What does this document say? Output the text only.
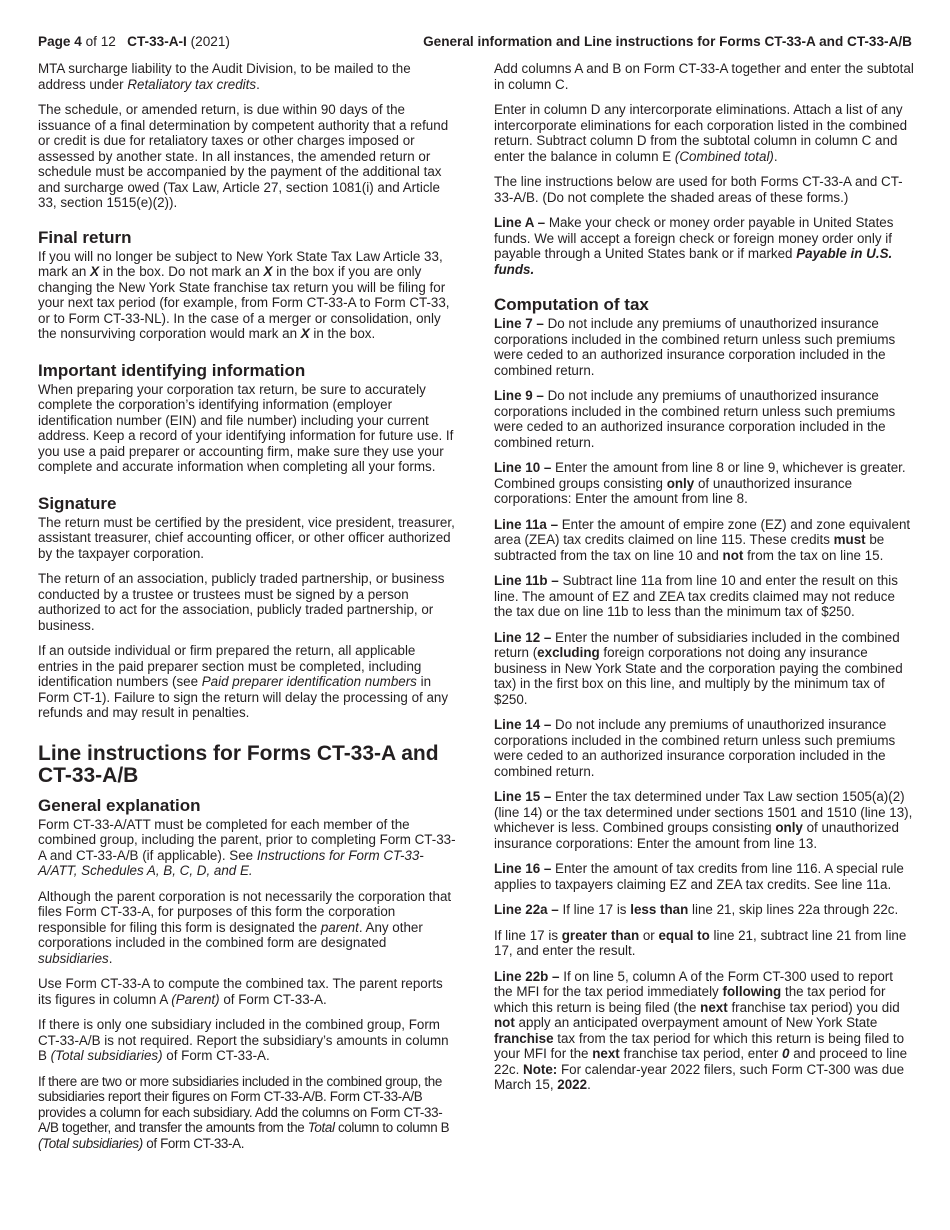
Page 4 of 12   CT-33-A-I (2021)	General information and Line instructions for Forms CT-33-A and CT-33-A/B

MTA surcharge liability to the Audit Division, to be mailed to the address under Retaliatory tax credits.

The schedule, or amended return, is due within 90 days of the issuance of a final determination by competent authority that a refund or credit is due for retaliatory taxes or other charges imposed or assessed by another state. In all instances, the amended return or schedule must be accompanied by the payment of the additional tax and surcharge owed (Tax Law, Article 27, section 1081(i) and Article 33, section 1515(e)(2)).

Final return

If you will no longer be subject to New York State Tax Law Article 33, mark an X in the box. Do not mark an X in the box if you are only changing the New York State franchise tax return you will be filing for your next tax period (for example, from Form CT-33-A to Form CT-33, or to Form CT-33-NL). In the case of a merger or consolidation, only the nonsurviving corporation would mark an X in the box.

Important identifying information

When preparing your corporation tax return, be sure to accurately complete the corporation’s identifying information (employer identification number (EIN) and file number) including your current address. Keep a record of your identifying information for future use. If you use a paid preparer or accounting firm, make sure they use your complete and accurate information when completing all your forms.

Signature

The return must be certified by the president, vice president, treasurer, assistant treasurer, chief accounting officer, or other officer authorized by the taxpayer corporation.

The return of an association, publicly traded partnership, or business conducted by a trustee or trustees must be signed by a person authorized to act for the association, publicly traded partnership, or business.

If an outside individual or firm prepared the return, all applicable entries in the paid preparer section must be completed, including identification numbers (see Paid preparer identification numbers in Form CT-1). Failure to sign the return will delay the processing of any refunds and may result in penalties.

Line instructions for Forms CT-33-A and CT-33-A/B
General explanation

Form CT-33-A/ATT must be completed for each member of the combined group, including the parent, prior to completing Form CT-33-A and CT-33-A/B (if applicable). See Instructions for Form CT-33-A/ATT, Schedules A, B, C, D, and E.

Although the parent corporation is not necessarily the corporation that files Form CT-33-A, for purposes of this form the corporation responsible for filing this form is designated the parent. Any other corporations included in the combined form are designated subsidiaries.

Use Form CT-33-A to compute the combined tax. The parent reports its figures in column A (Parent) of Form CT-33-A.

If there is only one subsidiary included in the combined group, Form CT-33-A/B is not required. Report the subsidiary’s amounts in column B (Total subsidiaries) of Form CT-33-A.

If there are two or more subsidiaries included in the combined group, the subsidiaries report their figures on Form CT-33-A/B. Form CT-33-A/B provides a column for each subsidiary. Add the columns on Form CT-33-A/B together, and transfer the amounts from the Total column to column B (Total subsidiaries) of Form CT-33-A.

Add columns A and B on Form CT-33-A together and enter the subtotal in column C.

Enter in column D any intercorporate eliminations. Attach a list of any intercorporate eliminations for each corporation listed in the combined return. Subtract column D from the subtotal column in column C and enter the balance in column E (Combined total).

The line instructions below are used for both Forms CT-33-A and CT-33-A/B. (Do not complete the shaded areas of these forms.)

Line A – Make your check or money order payable in United States funds. We will accept a foreign check or foreign money order only if payable through a United States bank or if marked Payable in U.S. funds.

Computation of tax

Line 7 – Do not include any premiums of unauthorized insurance corporations included in the combined return unless such premiums were ceded to an authorized insurance corporation included in the combined return.

Line 9 – Do not include any premiums of unauthorized insurance corporations included in the combined return unless such premiums were ceded to an authorized insurance corporation included in the combined return.

Line 10 – Enter the amount from line 8 or line 9, whichever is greater. Combined groups consisting only of unauthorized insurance corporations: Enter the amount from line 8.

Line 11a – Enter the amount of empire zone (EZ) and zone equivalent area (ZEA) tax credits claimed on line 115. These credits must be subtracted from the tax on line 10 and not from the tax on line 15.

Line 11b – Subtract line 11a from line 10 and enter the result on this line. The amount of EZ and ZEA tax credits claimed may not reduce the tax due on line 11b to less than the minimum tax of $250.

Line 12 – Enter the number of subsidiaries included in the combined return (excluding foreign corporations not doing any insurance business in New York State and the corporation paying the combined tax) in the first box on this line, and multiply by the minimum tax of $250.

Line 14 – Do not include any premiums of unauthorized insurance corporations included in the combined return unless such premiums were ceded to an authorized insurance corporation included in the combined return.

Line 15 – Enter the tax determined under Tax Law section 1505(a)(2) (line 14) or the tax determined under sections 1501 and 1510 (line 13), whichever is less. Combined groups consisting only of unauthorized insurance corporations: Enter the amount from line 13.

Line 16 – Enter the amount of tax credits from line 116. A special rule applies to taxpayers claiming EZ and ZEA tax credits. See line 11a.

Line 22a – If line 17 is less than line 21, skip lines 22a through 22c.

If line 17 is greater than or equal to line 21, subtract line 21 from line 17, and enter the result.

Line 22b – If on line 5, column A of the Form CT-300 used to report the MFI for the tax period immediately following the tax period for which this return is being filed (the next franchise tax period) you did not apply an anticipated overpayment amount of New York State franchise tax from the tax period for which this return is being filed to your MFI for the next franchise tax period, enter 0 and proceed to line 22c. Note: For calendar-year 2022 filers, such Form CT-300 was due March 15, 2022.
